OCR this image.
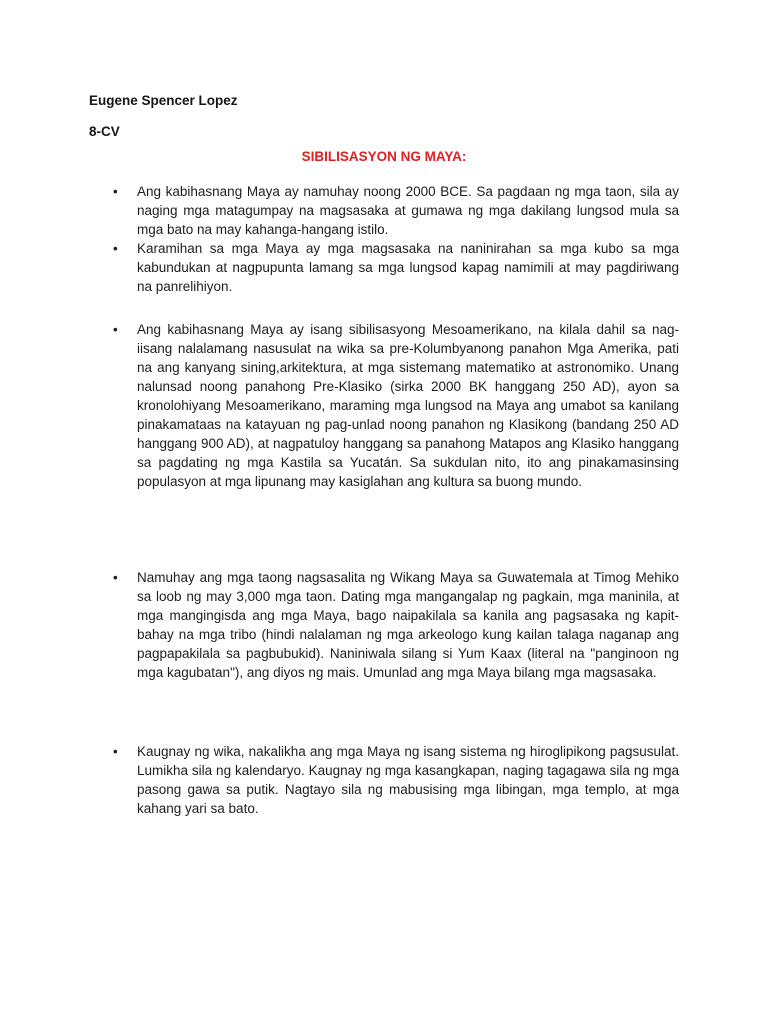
Eugene Spencer Lopez
8-CV
SIBILISASYON NG MAYA:
• Ang kabihasnang Maya ay namuhay noong 2000 BCE. Sa pagdaan ng mga taon, sila ay naging mga matagumpay na magsasaka at gumawa ng mga dakilang lungsod mula sa mga bato na may kahanga-hangang istilo.
• Karamihan sa mga Maya ay mga magsasaka na naninirahan sa mga kubo sa mga kabundukan at nagpupunta lamang sa mga lungsod kapag namimili at may pagdiriwang na panrelihiyon.
• Ang kabihasnang Maya ay isang sibilisasyong Mesoamerikano, na kilala dahil sa nag-iisang nalalamang nasusulat na wika sa pre-Kolumbyanong panahon Mga Amerika, pati na ang kanyang sining,arkitektura, at mga sistemang matematiko at astronomiko. Unang nalunsad noong panahong Pre-Klasiko (sirka 2000 BK hanggang 250 AD), ayon sa kronolohiyang Mesoamerikano, maraming mga lungsod na Maya ang umabot sa kanilang pinakamataas na katayuan ng pag-unlad noong panahon ng Klasikong (bandang 250 AD hanggang 900 AD), at nagpatuloy hanggang sa panahong Matapos ang Klasiko hanggang sa pagdating ng mga Kastila sa Yucatán. Sa sukdulan nito, ito ang pinakamasinsing populasyon at mga lipunang may kasiglahan ang kultura sa buong mundo.
• Namuhay ang mga taong nagsasalita ng Wikang Maya sa Guwatemala at Timog Mehiko sa loob ng may 3,000 mga taon. Dating mga mangangalap ng pagkain, mga maninila, at mga mangingisda ang mga Maya, bago naipakilala sa kanila ang pagsasaka ng kapit-bahay na mga tribo (hindi nalalaman ng mga arkeologo kung kailan talaga naganap ang pagpapakilala sa pagbubukid). Naniniwala silang si Yum Kaax (literal na "panginoon ng mga kagubatan"), ang diyos ng mais. Umunlad ang mga Maya bilang mga magsasaka.
• Kaugnay ng wika, nakalikha ang mga Maya ng isang sistema ng hiroglipikong pagsusulat. Lumikha sila ng kalendaryo. Kaugnay ng mga kasangkapan, naging tagagawa sila ng mga pasong gawa sa putik. Nagtayo sila ng mabusising mga libingan, mga templo, at mga kahang yari sa bato.
